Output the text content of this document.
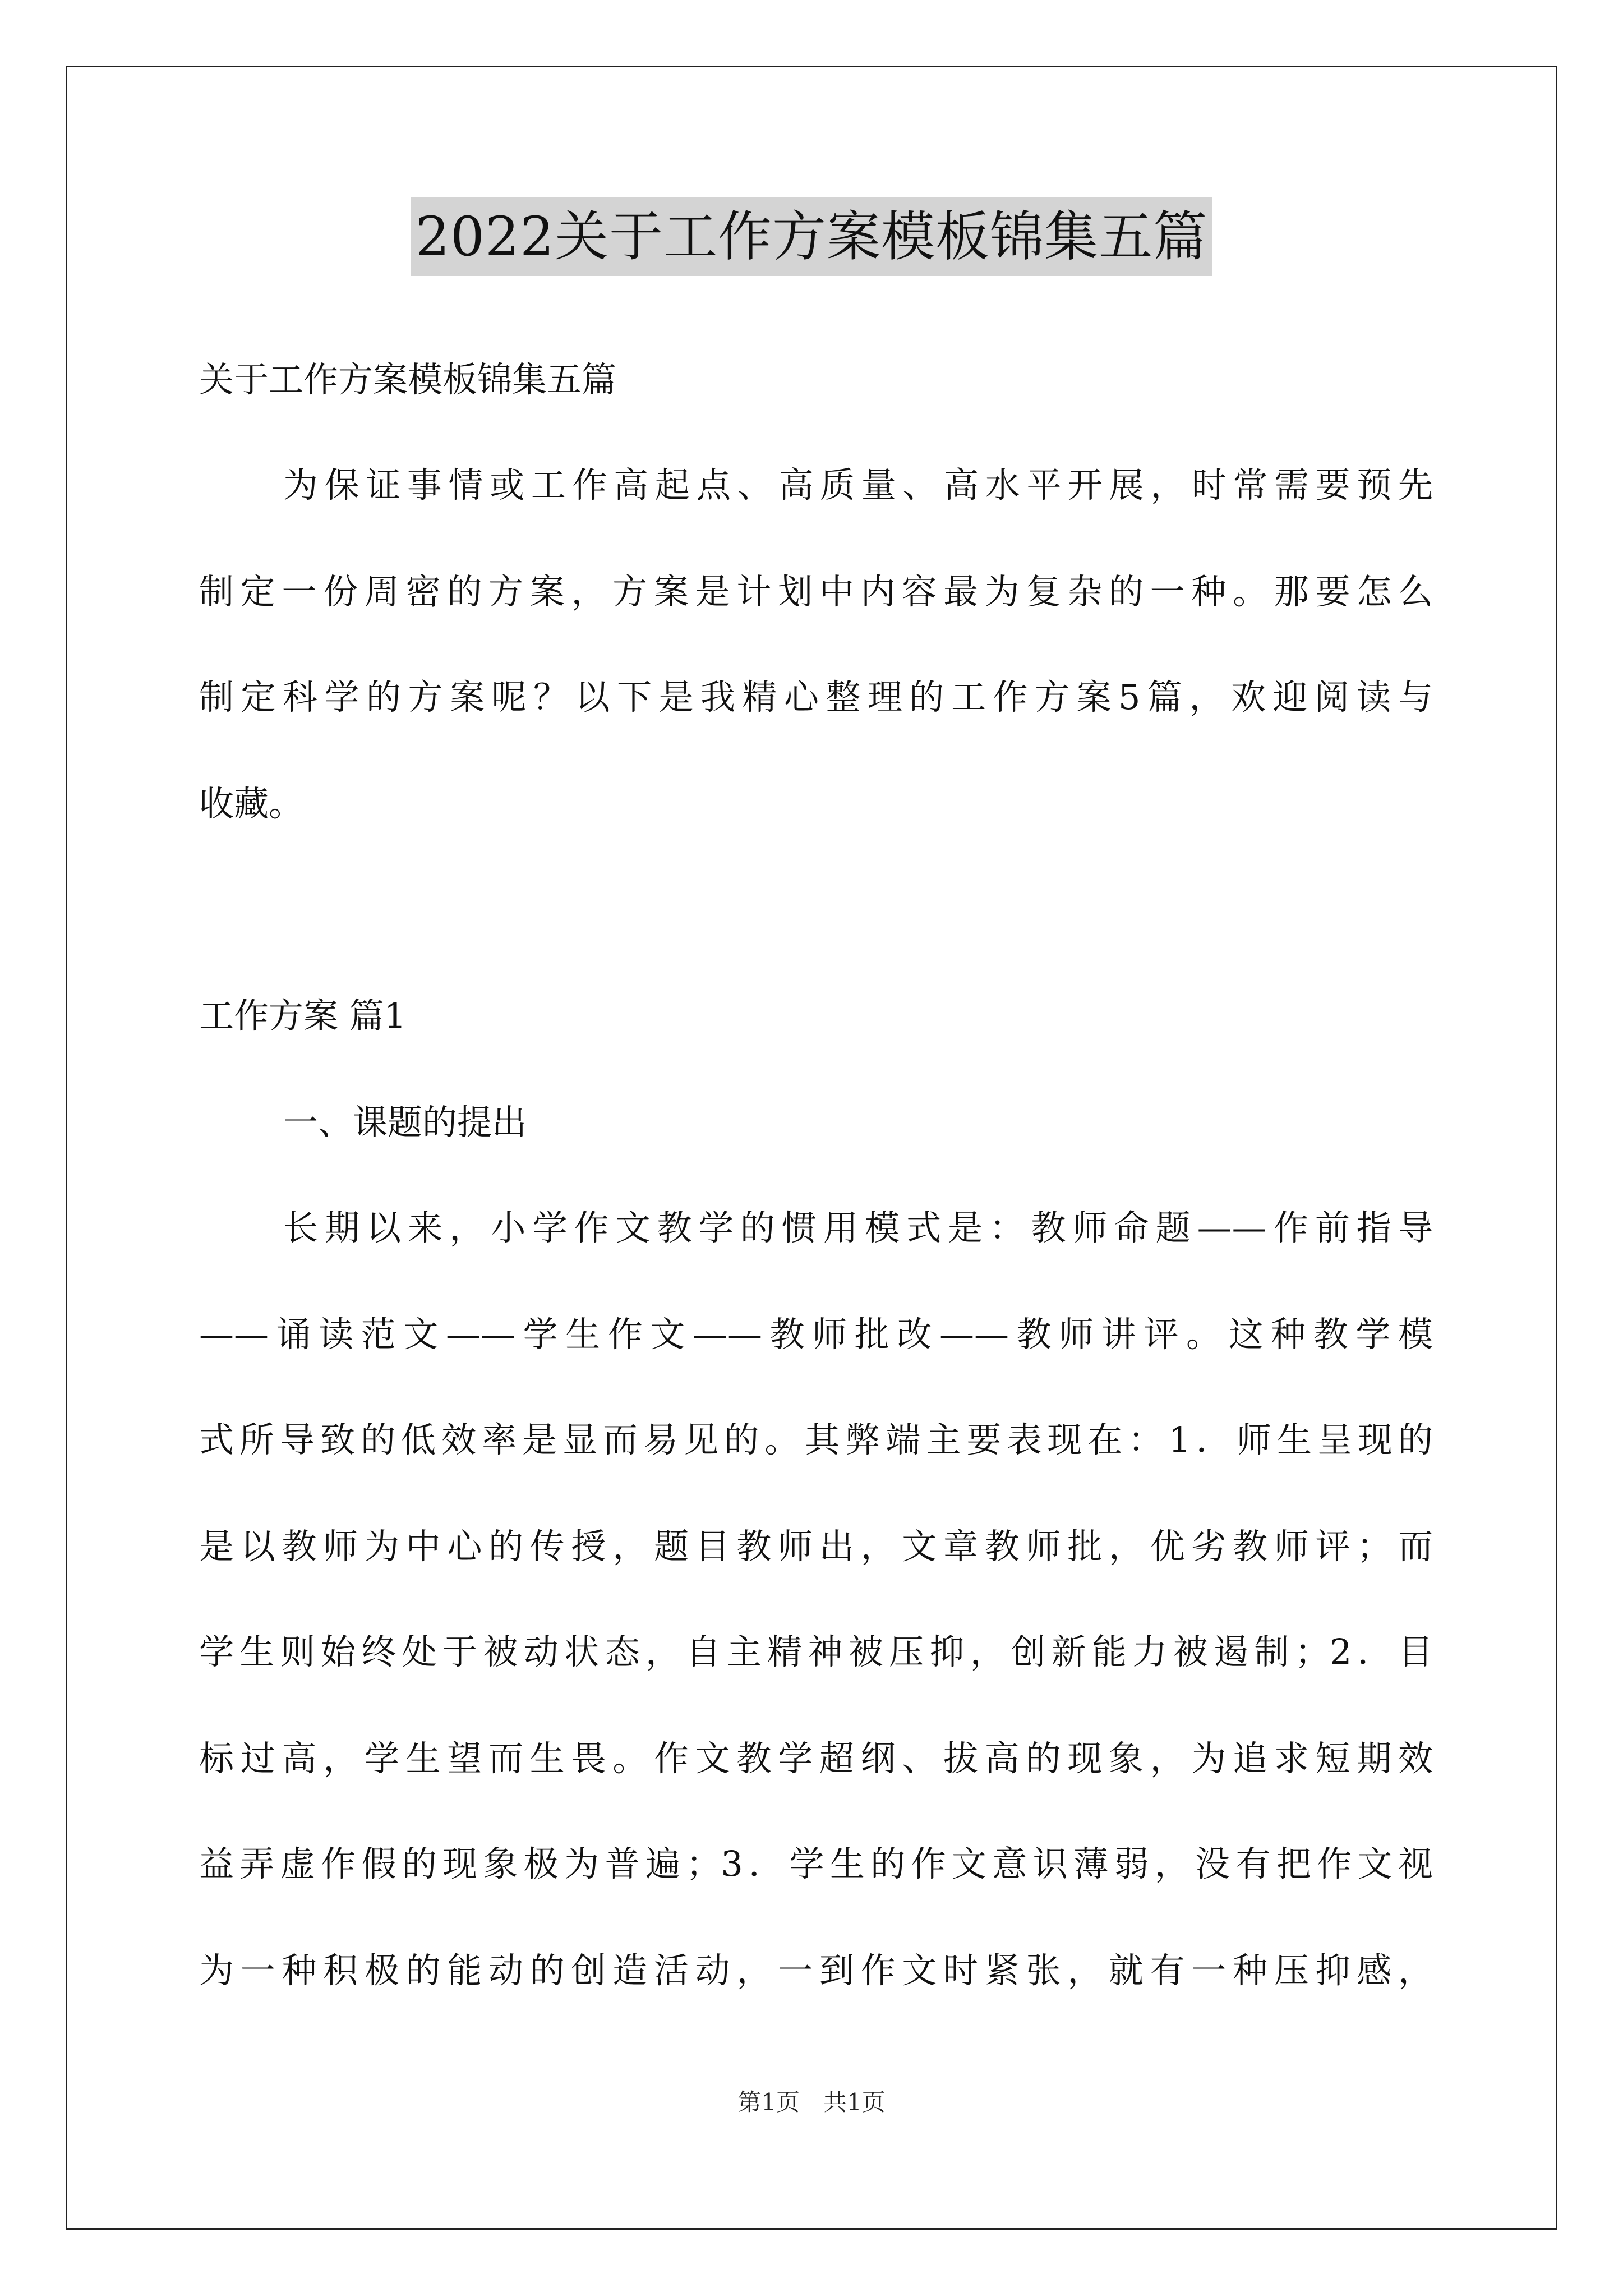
2022关于工作方案模板锦集五篇
关于工作方案模板锦集五篇
为保证事情或工作高起点、高质量、高水平开展，时常需要预先
制定一份周密的方案，方案是计划中内容最为复杂的一种。那要怎么
制定科学的方案呢？以下是我精心整理的工作方案5篇，欢迎阅读与
收藏。
工作方案 篇1
一、课题的提出
长期以来，小学作文教学的惯用模式是：教师命题——作前指导
——诵读范文——学生作文——教师批改——教师讲评。这种教学模
式所导致的低效率是显而易见的。其弊端主要表现在：1．师生呈现的
是以教师为中心的传授，题目教师出，文章教师批，优劣教师评；而
学生则始终处于被动状态，自主精神被压抑，创新能力被遏制；2．目
标过高，学生望而生畏。作文教学超纲、拔高的现象，为追求短期效
益弄虚作假的现象极为普遍；3．学生的作文意识薄弱，没有把作文视
为一种积极的能动的创造活动，一到作文时紧张，就有一种压抑感，
第1页　共1页
